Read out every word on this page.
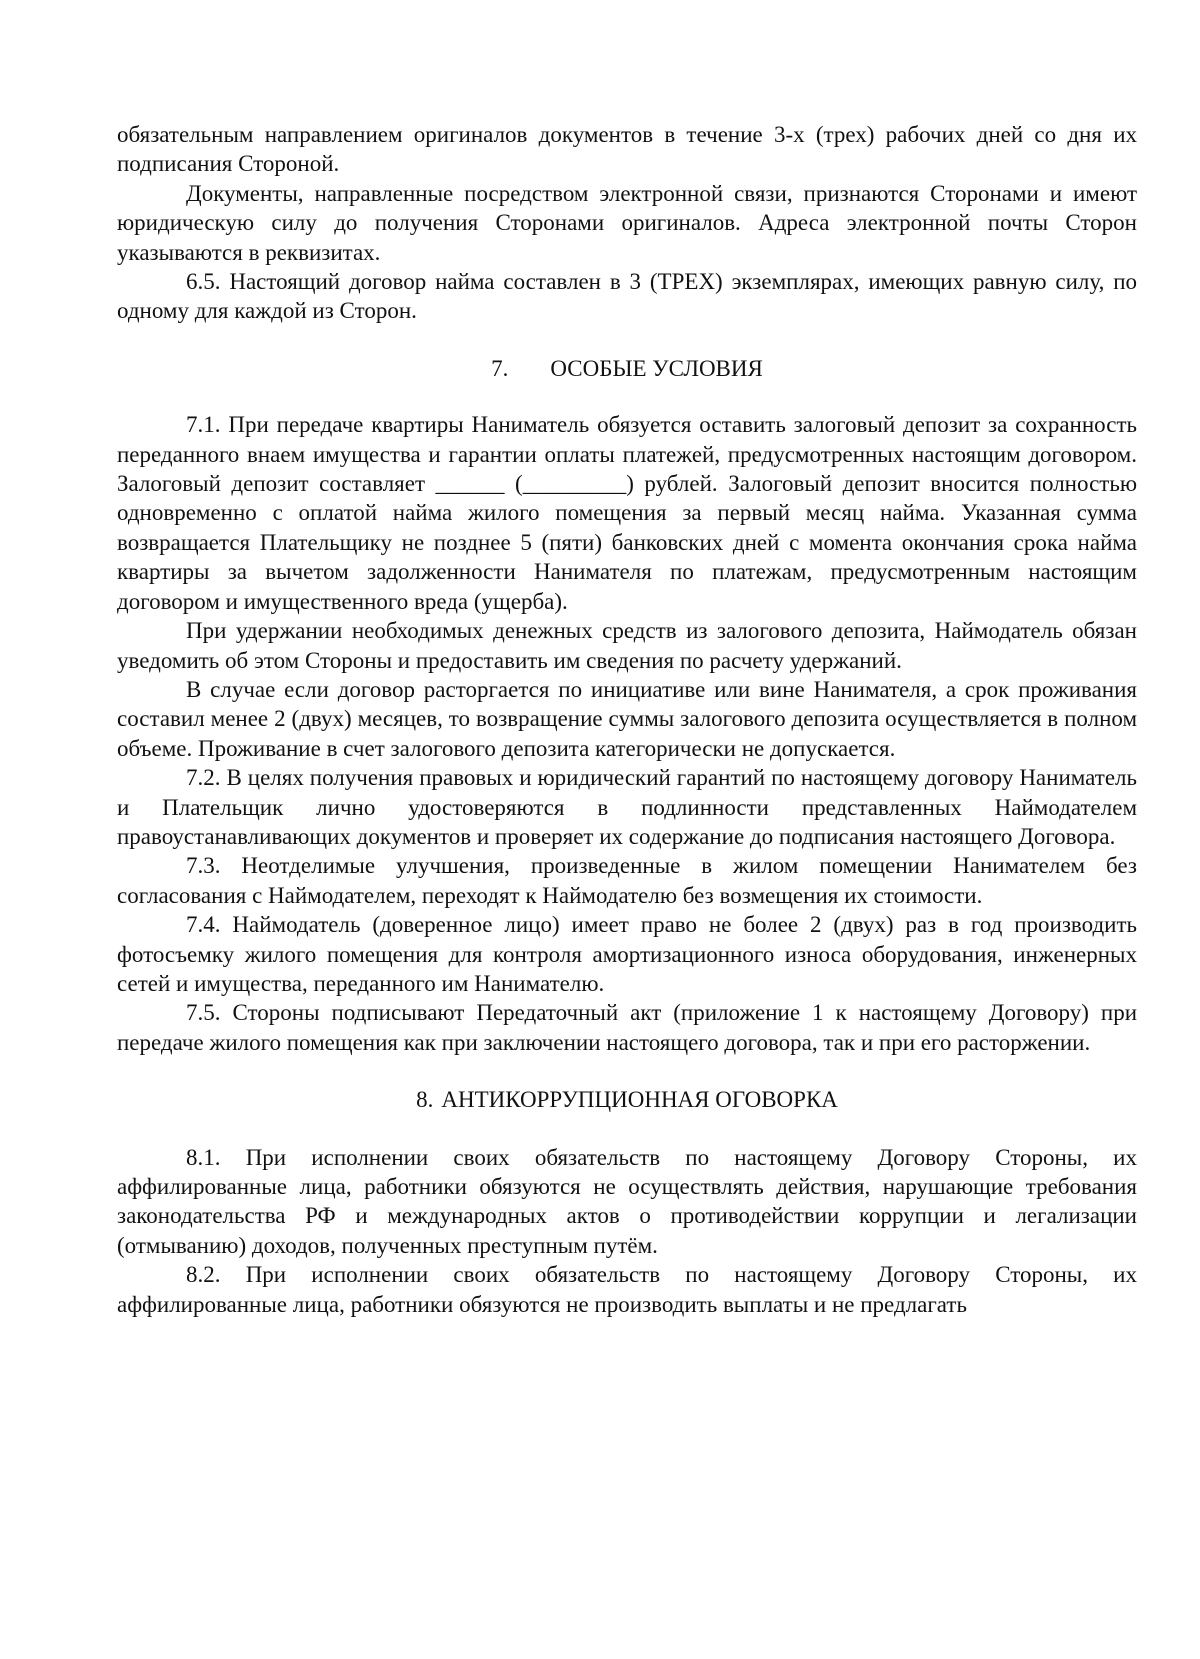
обязательным направлением оригиналов документов в течение 3-х (трех) рабочих дней со дня их подписания Стороной.

Документы, направленные посредством электронной связи, признаются Сторонами и имеют юридическую силу до получения Сторонами оригиналов. Адреса электронной почты Сторон указываются в реквизитах.

6.5. Настоящий договор найма составлен в 3 (ТРЕХ) экземплярах, имеющих равную силу, по одному для каждой из Сторон.

7. ОСОБЫЕ УСЛОВИЯ

7.1. При передаче квартиры Наниматель обязуется оставить залоговый депозит за сохранность переданного внаем имущества и гарантии оплаты платежей, предусмотренных настоящим договором. Залоговый депозит составляет ______ (_________) рублей. Залоговый депозит вносится полностью одновременно с оплатой найма жилого помещения за первый месяц найма. Указанная сумма возвращается Плательщику не позднее 5 (пяти) банковских дней с момента окончания срока найма квартиры за вычетом задолженности Нанимателя по платежам, предусмотренным настоящим договором и имущественного вреда (ущерба).

При удержании необходимых денежных средств из залогового депозита, Наймодатель обязан уведомить об этом Стороны и предоставить им сведения по расчету удержаний.

В случае если договор расторгается по инициативе или вине Нанимателя, а срок проживания составил менее 2 (двух) месяцев, то возвращение суммы залогового депозита осуществляется в полном объеме. Проживание в счет залогового депозита категорически не допускается.

7.2. В целях получения правовых и юридический гарантий по настоящему договору Наниматель и Плательщик лично удостоверяются в подлинности представленных Наймодателем правоустанавливающих документов и проверяет их содержание до подписания настоящего Договора.

7.3. Неотделимые улучшения, произведенные в жилом помещении Нанимателем без согласования с Наймодателем, переходят к Наймодателю без возмещения их стоимости.

7.4. Наймодатель (доверенное лицо) имеет право не более 2 (двух) раз в год производить фотосъемку жилого помещения для контроля амортизационного износа оборудования, инженерных сетей и имущества, переданного им Нанимателю.

7.5. Стороны подписывают Передаточный акт (приложение 1 к настоящему Договору) при передаче жилого помещения как при заключении настоящего договора, так и при его расторжении.

8. АНТИКОРРУПЦИОННАЯ ОГОВОРКА

8.1. При исполнении своих обязательств по настоящему Договору Стороны, их аффилированные лица, работники обязуются не осуществлять действия, нарушающие требования законодательства РФ и международных актов о противодействии коррупции и легализации (отмыванию) доходов, полученных преступным путём.

8.2. При исполнении своих обязательств по настоящему Договору Стороны, их аффилированные лица, работники обязуются не производить выплаты и не предлагать
